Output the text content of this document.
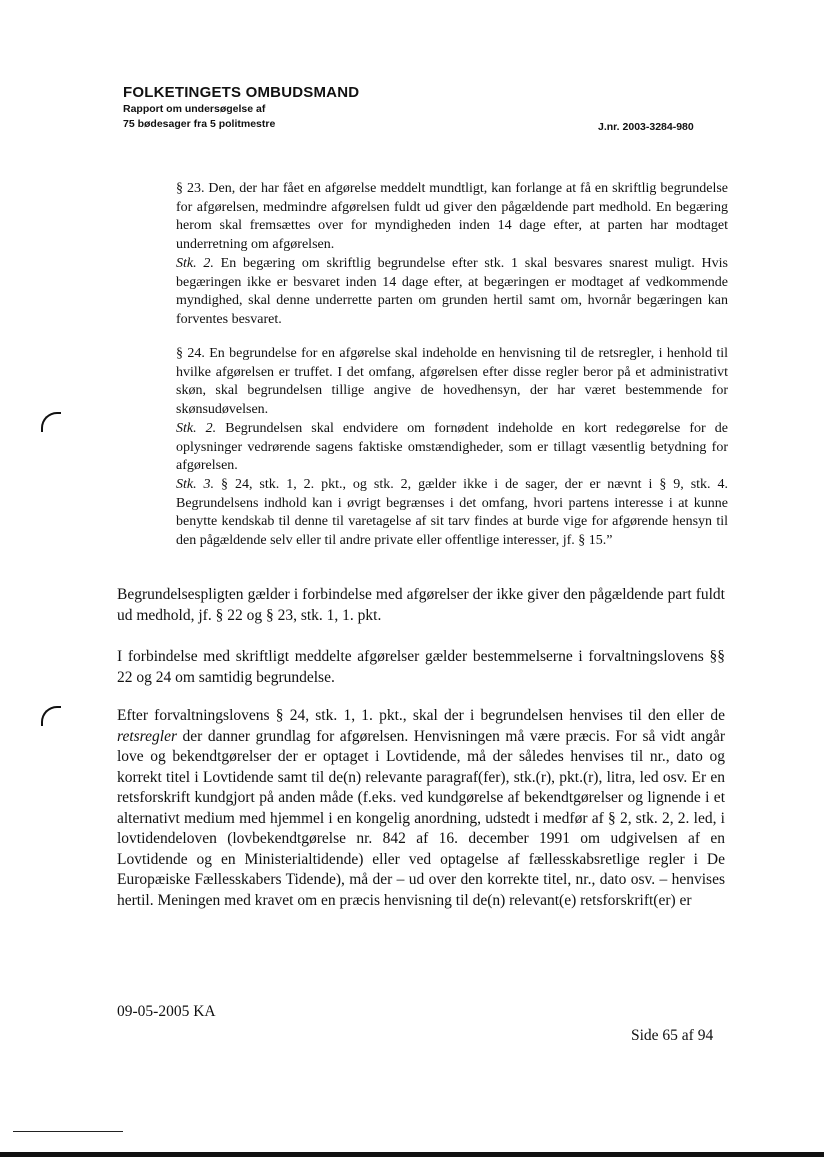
FOLKETINGETS OMBUDSMAND
Rapport om undersøgelse af
75 bødesager fra 5 politmestre	J.nr. 2003-3284-980

§ 23. Den, der har fået en afgørelse meddelt mundtligt, kan forlange at få en skriftlig begrundelse for afgørelsen, medmindre afgørelsen fuldt ud giver den pågældende part medhold. En begæring herom skal fremsættes over for myndigheden inden 14 dage efter, at parten har modtaget underretning om afgørelsen.
Stk. 2. En begæring om skriftlig begrundelse efter stk. 1 skal besvares snarest muligt. Hvis begæringen ikke er besvaret inden 14 dage efter, at begæringen er modtaget af vedkommende myndighed, skal denne underrette parten om grunden hertil samt om, hvornår begæringen kan forventes besvaret.

§ 24. En begrundelse for en afgørelse skal indeholde en henvisning til de retsregler, i henhold til hvilke afgørelsen er truffet. I det omfang, afgørelsen efter disse regler beror på et administrativt skøn, skal begrundelsen tillige angive de hovedhensyn, der har været bestemmende for skønsudøvelsen.
Stk. 2. Begrundelsen skal endvidere om fornødent indeholde en kort redegørelse for de oplysninger vedrørende sagens faktiske omstændigheder, som er tillagt væsentlig betydning for afgørelsen.
Stk. 3. § 24, stk. 1, 2. pkt., og stk. 2, gælder ikke i de sager, der er nævnt i § 9, stk. 4. Begrundelsens indhold kan i øvrigt begrænses i det omfang, hvori partens interesse i at kunne benytte kendskab til denne til varetagelse af sit tarv findes at burde vige for afgørende hensyn til den pågældende selv eller til andre private eller offentlige interesser, jf. § 15.”

Begrundelsespligten gælder i forbindelse med afgørelser der ikke giver den pågældende part fuldt ud medhold, jf. § 22 og § 23, stk. 1, 1. pkt.

I forbindelse med skriftligt meddelte afgørelser gælder bestemmelserne i forvaltningslovens §§ 22 og 24 om samtidig begrundelse.

Efter forvaltningslovens § 24, stk. 1, 1. pkt., skal der i begrundelsen henvises til den eller de retsregler der danner grundlag for afgørelsen. Henvisningen må være præcis. For så vidt angår love og bekendtgørelser der er optaget i Lovtidende, må der således henvises til nr., dato og korrekt titel i Lovtidende samt til de(n) relevante paragraf(fer), stk.(r), pkt.(r), litra, led osv. Er en retsforskrift kundgjort på anden måde (f.eks. ved kundgørelse af bekendtgørelser og lignende i et alternativt medium med hjemmel i en kongelig anordning, udstedt i medfør af § 2, stk. 2, 2. led, i lovtidendeloven (lovbekendtgørelse nr. 842 af 16. december 1991 om udgivelsen af en Lovtidende og en Ministerialtidende) eller ved optagelse af fællesskabsretlige regler i De Europæiske Fællesskabers Tidende), må der – ud over den korrekte titel, nr., dato osv. – henvises hertil. Meningen med kravet om en præcis henvisning til de(n) relevant(e) retsforskrift(er) er

09-05-2005 KA
Side 65 af 94
